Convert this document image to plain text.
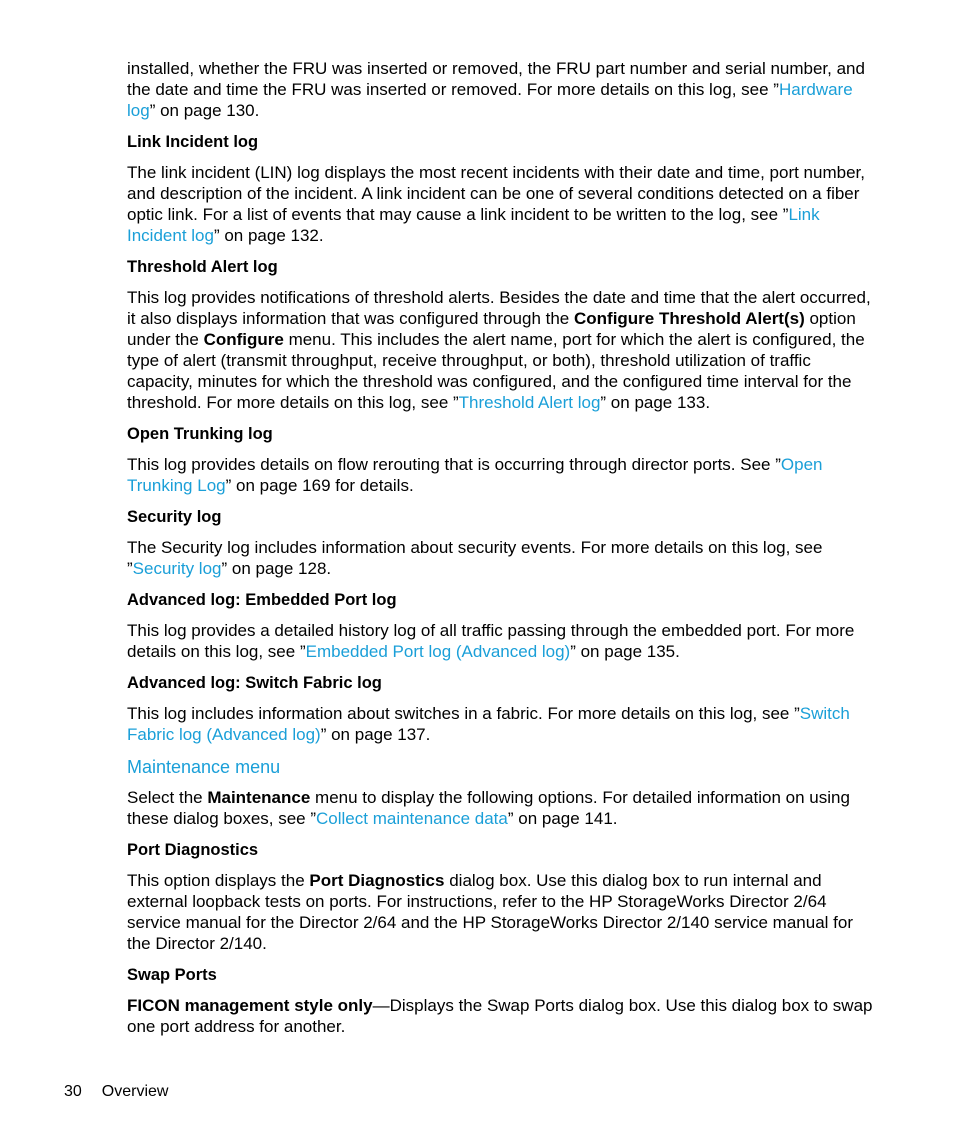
installed, whether the FRU was inserted or removed, the FRU part number and serial number, and the date and time the FRU was inserted or removed. For more details on this log, see ”Hardware log” on page 130.

Link Incident log

The link incident (LIN) log displays the most recent incidents with their date and time, port number, and description of the incident. A link incident can be one of several conditions detected on a fiber optic link. For a list of events that may cause a link incident to be written to the log, see ”Link Incident log” on page 132.

Threshold Alert log

This log provides notifications of threshold alerts. Besides the date and time that the alert occurred, it also displays information that was configured through the Configure Threshold Alert(s) option under the Configure menu. This includes the alert name, port for which the alert is configured, the type of alert (transmit throughput, receive throughput, or both), threshold utilization of traffic capacity, minutes for which the threshold was configured, and the configured time interval for the threshold. For more details on this log, see ”Threshold Alert log” on page 133.

Open Trunking log

This log provides details on flow rerouting that is occurring through director ports. See ”Open Trunking Log” on page 169 for details.

Security log

The Security log includes information about security events. For more details on this log, see ”Security log” on page 128.

Advanced log: Embedded Port log

This log provides a detailed history log of all traffic passing through the embedded port. For more details on this log, see ”Embedded Port log (Advanced log)” on page 135.

Advanced log: Switch Fabric log

This log includes information about switches in a fabric. For more details on this log, see ”Switch Fabric log (Advanced log)” on page 137.

Maintenance menu

Select the Maintenance menu to display the following options. For detailed information on using these dialog boxes, see ”Collect maintenance data” on page 141.

Port Diagnostics

This option displays the Port Diagnostics dialog box. Use this dialog box to run internal and external loopback tests on ports. For instructions, refer to the HP StorageWorks Director 2/64 service manual for the Director 2/64 and the HP StorageWorks Director 2/140 service manual for the Director 2/140.

Swap Ports

FICON management style only—Displays the Swap Ports dialog box. Use this dialog box to swap one port address for another.

30 Overview
